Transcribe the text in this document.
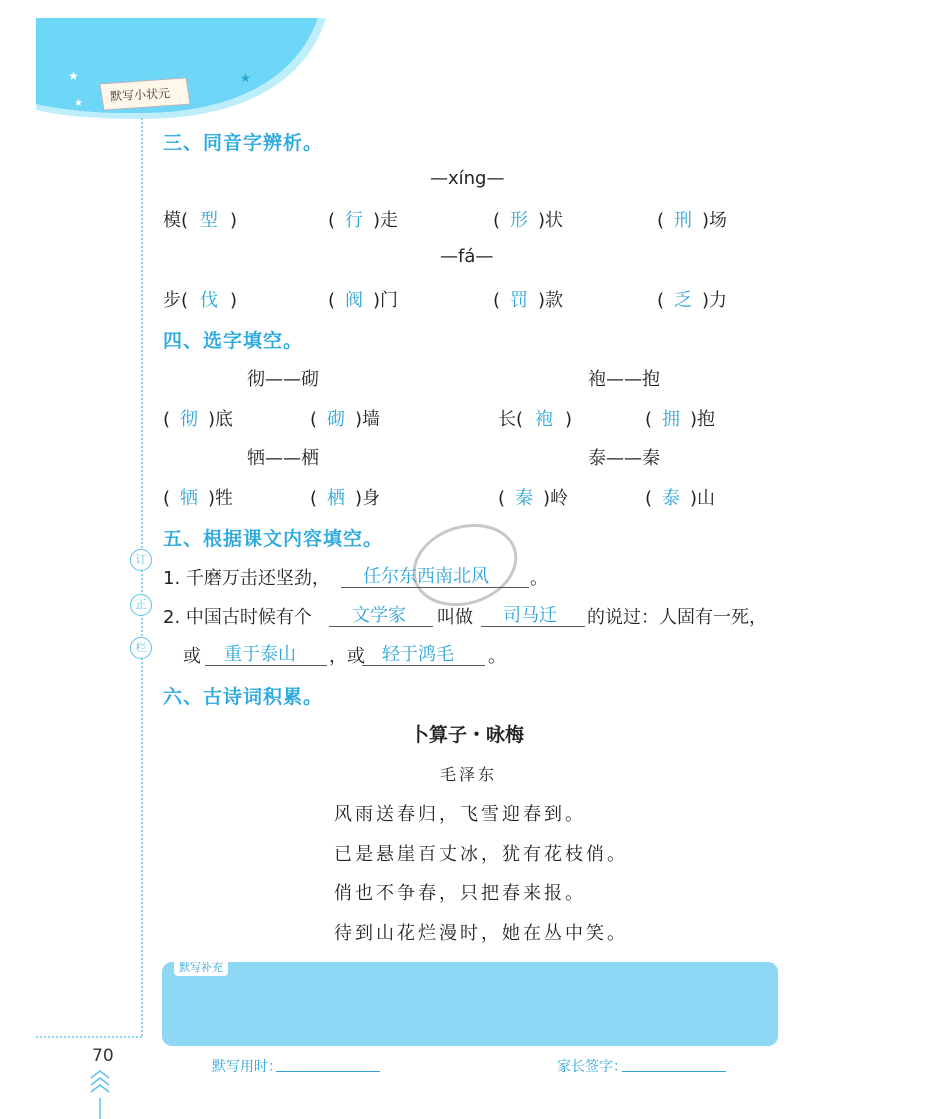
★
★
★
默写小状元
订
正
栏
三、同音字辨析。
—xíng—
模( 型 )	( 行 )走	( 形 )状	( 刑 )场
—fá—
步( 伐 )	( 阀 )门	( 罚 )款	( 乏 )力
四、选字填空。
彻——砌	袍——抱
( 彻 )底	( 砌 )墙	长( 袍 )	( 拥 )抱
牺——栖	泰——秦
( 牺 )牲	( 栖 )身	( 秦 )岭	( 泰 )山
五、根据课文内容填空。
1. 千磨万击还坚劲， 任尔东西南北风 。
2. 中国古时候有个 文学家 叫做 司马迁 的说过：人固有一死，
或 重于泰山 ，或 轻于鸿毛 。
六、古诗词积累。
卜算子・咏梅
毛泽东
风雨送春归，飞雪迎春到。
已是悬崖百丈冰，犹有花枝俏。
俏也不争春，只把春来报。
待到山花烂漫时，她在丛中笑。
默写补充
70
默写用时：	家长签字：
